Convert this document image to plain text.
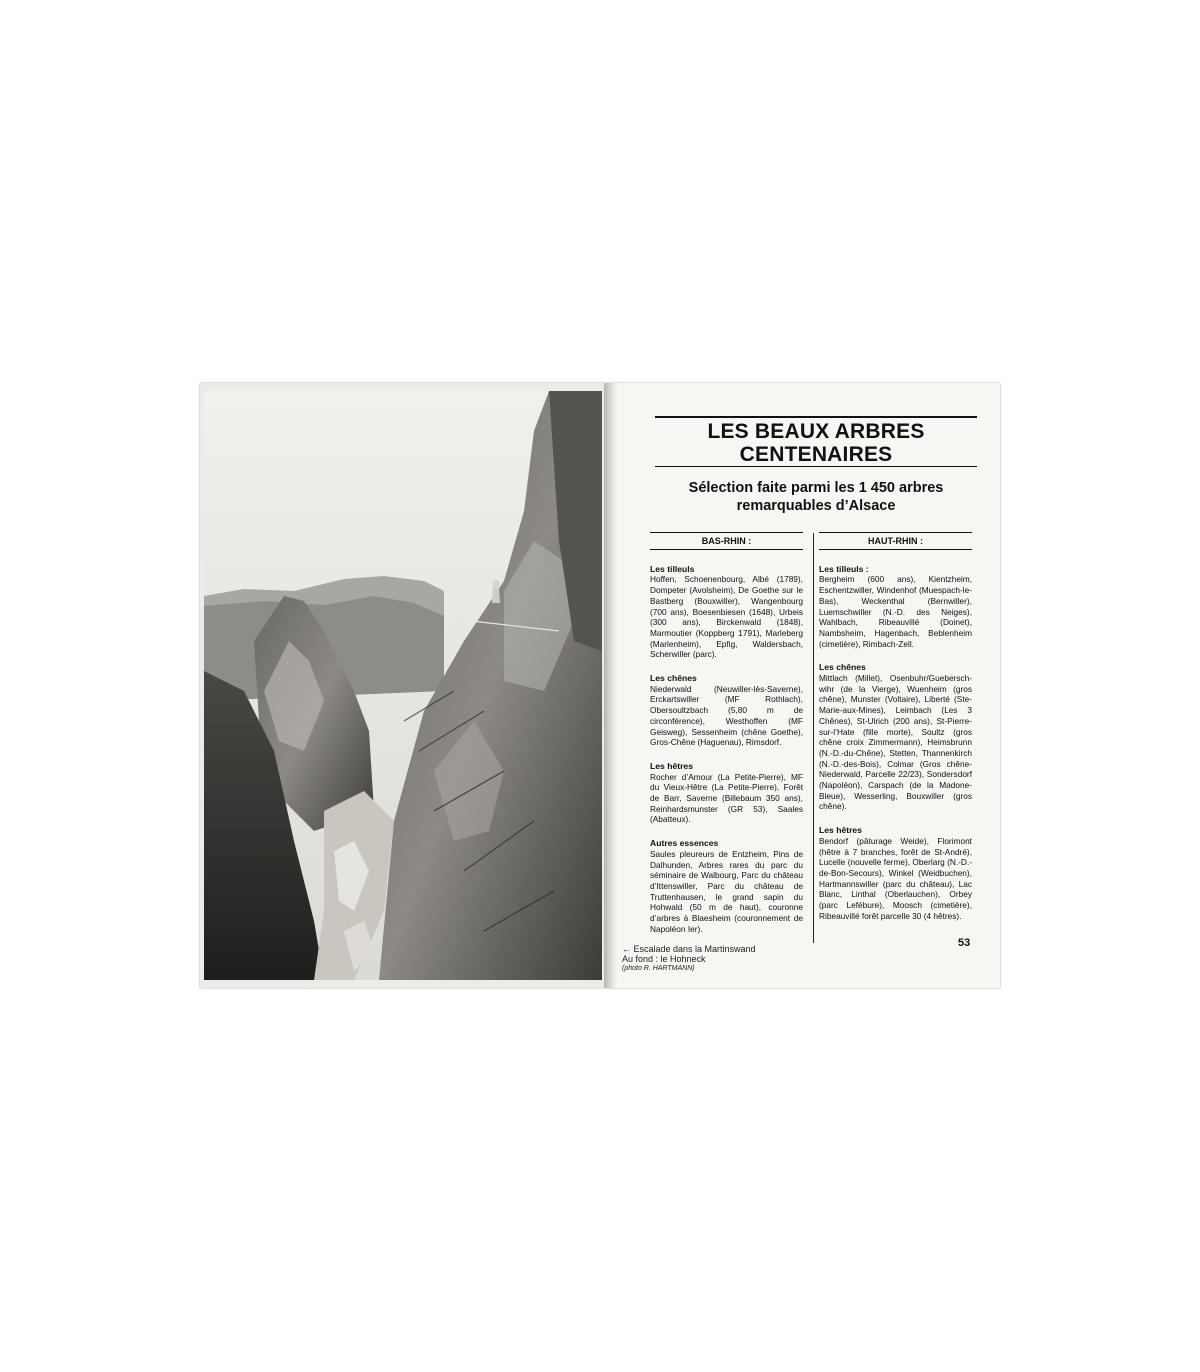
LES BEAUX ARBRES CENTENAIRES
Sélection faite parmi les 1 450 arbres remarquables d’Alsace
BAS-RHIN :
Les tilleuls
Hoffen, Schoenenbourg, Albé (1789), Dompeter (Avolsheim), De Goethe sur le Bastberg (Bouxwiller), Wangenbourg (700 ans), Boesenbiesen (1648), Urbeis (300 ans), Birckenwald (1848), Marmoutier (Koppberg 1791), Marleberg (Marlenheim), Epfig, Waldersbach, Scherwiller (parc).
Les chênes
Niederwald (Neuwiller-lès-Saverne), Erckartswiller (MF Rothlach), Obersoultzbach (5,80 m de circonférence), Westhoffen (MF Geisweg), Sessenheim (chêne Goethe), Gros-Chêne (Haguenau), Rimsdorf.
Les hêtres
Rocher d’Amour (La Petite-Pierre), MF du Vieux-Hêtre (La Petite-Pierre), Forêt de Barr, Saverne (Billebaum 350 ans), Reinhardsmunster (GR 53), Saales (Abatteux).
Autres essences
Saules pleureurs de Entzheim, Pins de Dalhunden, Arbres rares du parc du séminaire de Walbourg, Parc du château d’Ittenswiller, Parc du château de Truttenhausen, le grand sapin du Hohwald (50 m de haut), couronne d’arbres à Blaesheim (couronnement de Napoléon Ier).
HAUT-RHIN :
Les tilleuls :
Bergheim (600 ans), Kientzheim, Eschentzwiller, Windenhof (Muespach-le-Bas), Weckenthal (Bernwiller), Luemschwiller (N.-D. des Neiges), Wahlbach, Ribeauvillé (Doinet), Nambsheim, Hagenbach, Beblenheim (cimetière), Rimbach-Zell.
Les chênes
Mittlach (Millet), Osenbuhr/Guebersch-wihr (de la Vierge), Wuenheim (gros chêne), Munster (Voltaire), Liberté (Ste-Marie-aux-Mines), Leimbach (Les 3 Chênes), St-Ulrich (200 ans), St-Pierre-sur-l’Hate (fille morte), Soultz (gros chêne croix Zimmermann), Heimsbrunn (N.-D.-du-Chêne), Stetten, Thannenkirch (N.-D.-des-Bois), Colmar (Gros chêne-Niederwald, Parcelle 22/23), Sondersdorf (Napoléon), Carspach (de la Madone-Bleue), Wesserling, Bouxwiller (gros chêne).
Les hêtres
Bendorf (pâturage Weide), Florimont (hêtre à 7 branches, forêt de St-André), Lucelle (nouvelle ferme), Oberlarg (N.-D.-de-Bon-Secours), Winkel (Weidbuchen), Hartmannswiller (parc du château), Lac Blanc, Linthal (Oberlauchen), Orbey (parc Lefébure), Moosch (cimetière), Ribeauvillé forêt parcelle 30 (4 hêtres).
53
← Escalade dans la Martinswand
Au fond : le Hohneck
(photo R. HARTMANN)
